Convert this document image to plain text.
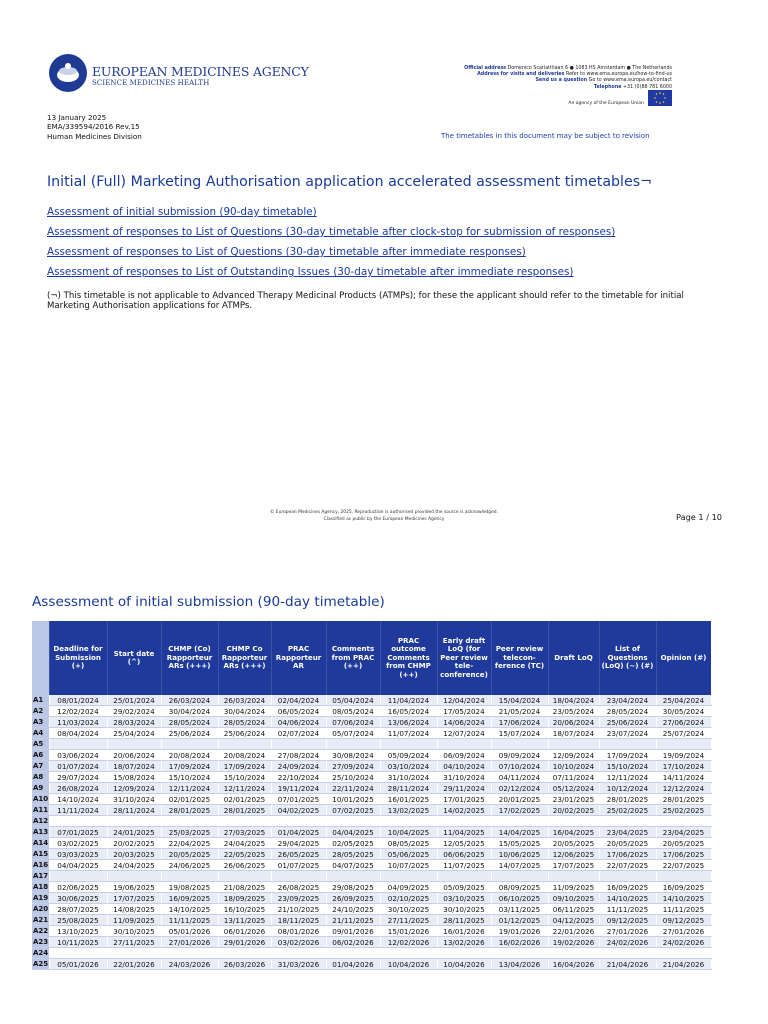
EUROPEAN MEDICINES AGENCY
SCIENCE MEDICINES HEALTH
Official address Domenico Scarlattilaan 6 ● 1083 HS Amsterdam ● The Netherlands
Address for visits and deliveries Refer to www.ema.europa.eu/how-to-find-us
Send us a question Go to www.ema.europa.eu/contact
Telephone +31 (0)88 781 6000
An agency of the European Union
13 January 2025
EMA/339594/2016 Rev.15
Human Medicines Division	The timetables in this document may be subject to revision
Initial (Full) Marketing Authorisation application accelerated assessment timetables¬
Assessment of initial submission (90-day timetable)
Assessment of responses to List of Questions (30-day timetable after clock-stop for submission of responses)
Assessment of responses to List of Questions (30-day timetable after immediate responses)
Assessment of responses to List of Outstanding Issues (30-day timetable after immediate responses)
(¬) This timetable is not applicable to Advanced Therapy Medicinal Products (ATMPs); for these the applicant should refer to the timetable for initial Marketing Authorisation applications for ATMPs.
© European Medicines Agency, 2025. Reproduction is authorised provided the source is acknowledged.
Classified as public by the European Medicines Agency	Page 1 / 10
Assessment of initial submission (90-day timetable)
	Deadline for Submission (+)	Start date (^)	CHMP (Co) Rapporteur ARs (+++)	CHMP Co Rapporteur ARs (+++)	PRAC Rapporteur AR	Comments from PRAC (++)	PRAC outcome Comments from CHMP (++)	Early draft LoQ (for Peer review tele-conference)	Peer review telecon-ference (TC)	Draft LoQ	List of Questions (LoQ) (~) (#)	Opinion (#)
A1	08/01/2024	25/01/2024	26/03/2024	26/03/2024	02/04/2024	05/04/2024	11/04/2024	12/04/2024	15/04/2024	18/04/2024	23/04/2024	25/04/2024
A2	12/02/2024	29/02/2024	30/04/2024	30/04/2024	06/05/2024	08/05/2024	16/05/2024	17/05/2024	21/05/2024	23/05/2024	28/05/2024	30/05/2024
A3	11/03/2024	28/03/2024	28/05/2024	28/05/2024	04/06/2024	07/06/2024	13/06/2024	14/06/2024	17/06/2024	20/06/2024	25/06/2024	27/06/2024
A4	08/04/2024	25/04/2024	25/06/2024	25/06/2024	02/07/2024	05/07/2024	11/07/2024	12/07/2024	15/07/2024	18/07/2024	23/07/2024	25/07/2024
A5												
A6	03/06/2024	20/06/2024	20/08/2024	20/08/2024	27/08/2024	30/08/2024	05/09/2024	06/09/2024	09/09/2024	12/09/2024	17/09/2024	19/09/2024
A7	01/07/2024	18/07/2024	17/09/2024	17/09/2024	24/09/2024	27/09/2024	03/10/2024	04/10/2024	07/10/2024	10/10/2024	15/10/2024	17/10/2024
A8	29/07/2024	15/08/2024	15/10/2024	15/10/2024	22/10/2024	25/10/2024	31/10/2024	31/10/2024	04/11/2024	07/11/2024	12/11/2024	14/11/2024
A9	26/08/2024	12/09/2024	12/11/2024	12/11/2024	19/11/2024	22/11/2024	28/11/2024	29/11/2024	02/12/2024	05/12/2024	10/12/2024	12/12/2024
A10	14/10/2024	31/10/2024	02/01/2025	02/01/2025	07/01/2025	10/01/2025	16/01/2025	17/01/2025	20/01/2025	23/01/2025	28/01/2025	28/01/2025
A11	11/11/2024	28/11/2024	28/01/2025	28/01/2025	04/02/2025	07/02/2025	13/02/2025	14/02/2025	17/02/2025	20/02/2025	25/02/2025	25/02/2025
A12												
A13	07/01/2025	24/01/2025	25/03/2025	27/03/2025	01/04/2025	04/04/2025	10/04/2025	11/04/2025	14/04/2025	16/04/2025	23/04/2025	23/04/2025
A14	03/02/2025	20/02/2025	22/04/2025	24/04/2025	29/04/2025	02/05/2025	08/05/2025	12/05/2025	15/05/2025	20/05/2025	20/05/2025	20/05/2025
A15	03/03/2025	20/03/2025	20/05/2025	22/05/2025	26/05/2025	28/05/2025	05/06/2025	06/06/2025	10/06/2025	12/06/2025	17/06/2025	17/06/2025
A16	04/04/2025	24/04/2025	24/06/2025	26/06/2025	01/07/2025	04/07/2025	10/07/2025	11/07/2025	14/07/2025	17/07/2025	22/07/2025	22/07/2025
A17												
A18	02/06/2025	19/06/2025	19/08/2025	21/08/2025	26/08/2025	29/08/2025	04/09/2025	05/09/2025	08/09/2025	11/09/2025	16/09/2025	16/09/2025
A19	30/06/2025	17/07/2025	16/09/2025	18/09/2025	23/09/2025	26/09/2025	02/10/2025	03/10/2025	06/10/2025	09/10/2025	14/10/2025	14/10/2025
A20	28/07/2025	14/08/2025	14/10/2025	16/10/2025	21/10/2025	24/10/2025	30/10/2025	30/10/2025	03/11/2025	06/11/2025	11/11/2025	11/11/2025
A21	25/08/2025	11/09/2025	11/11/2025	13/11/2025	18/11/2025	21/11/2025	27/11/2025	28/11/2025	01/12/2025	04/12/2025	09/12/2025	09/12/2025
A22	13/10/2025	30/10/2025	05/01/2026	06/01/2026	08/01/2026	09/01/2026	15/01/2026	16/01/2026	19/01/2026	22/01/2026	27/01/2026	27/01/2026
A23	10/11/2025	27/11/2025	27/01/2026	29/01/2026	03/02/2026	06/02/2026	12/02/2026	13/02/2026	16/02/2026	19/02/2026	24/02/2026	24/02/2026
A24												
A25	05/01/2026	22/01/2026	24/03/2026	26/03/2026	31/03/2026	01/04/2026	10/04/2026	10/04/2026	13/04/2026	16/04/2026	21/04/2026	21/04/2026
